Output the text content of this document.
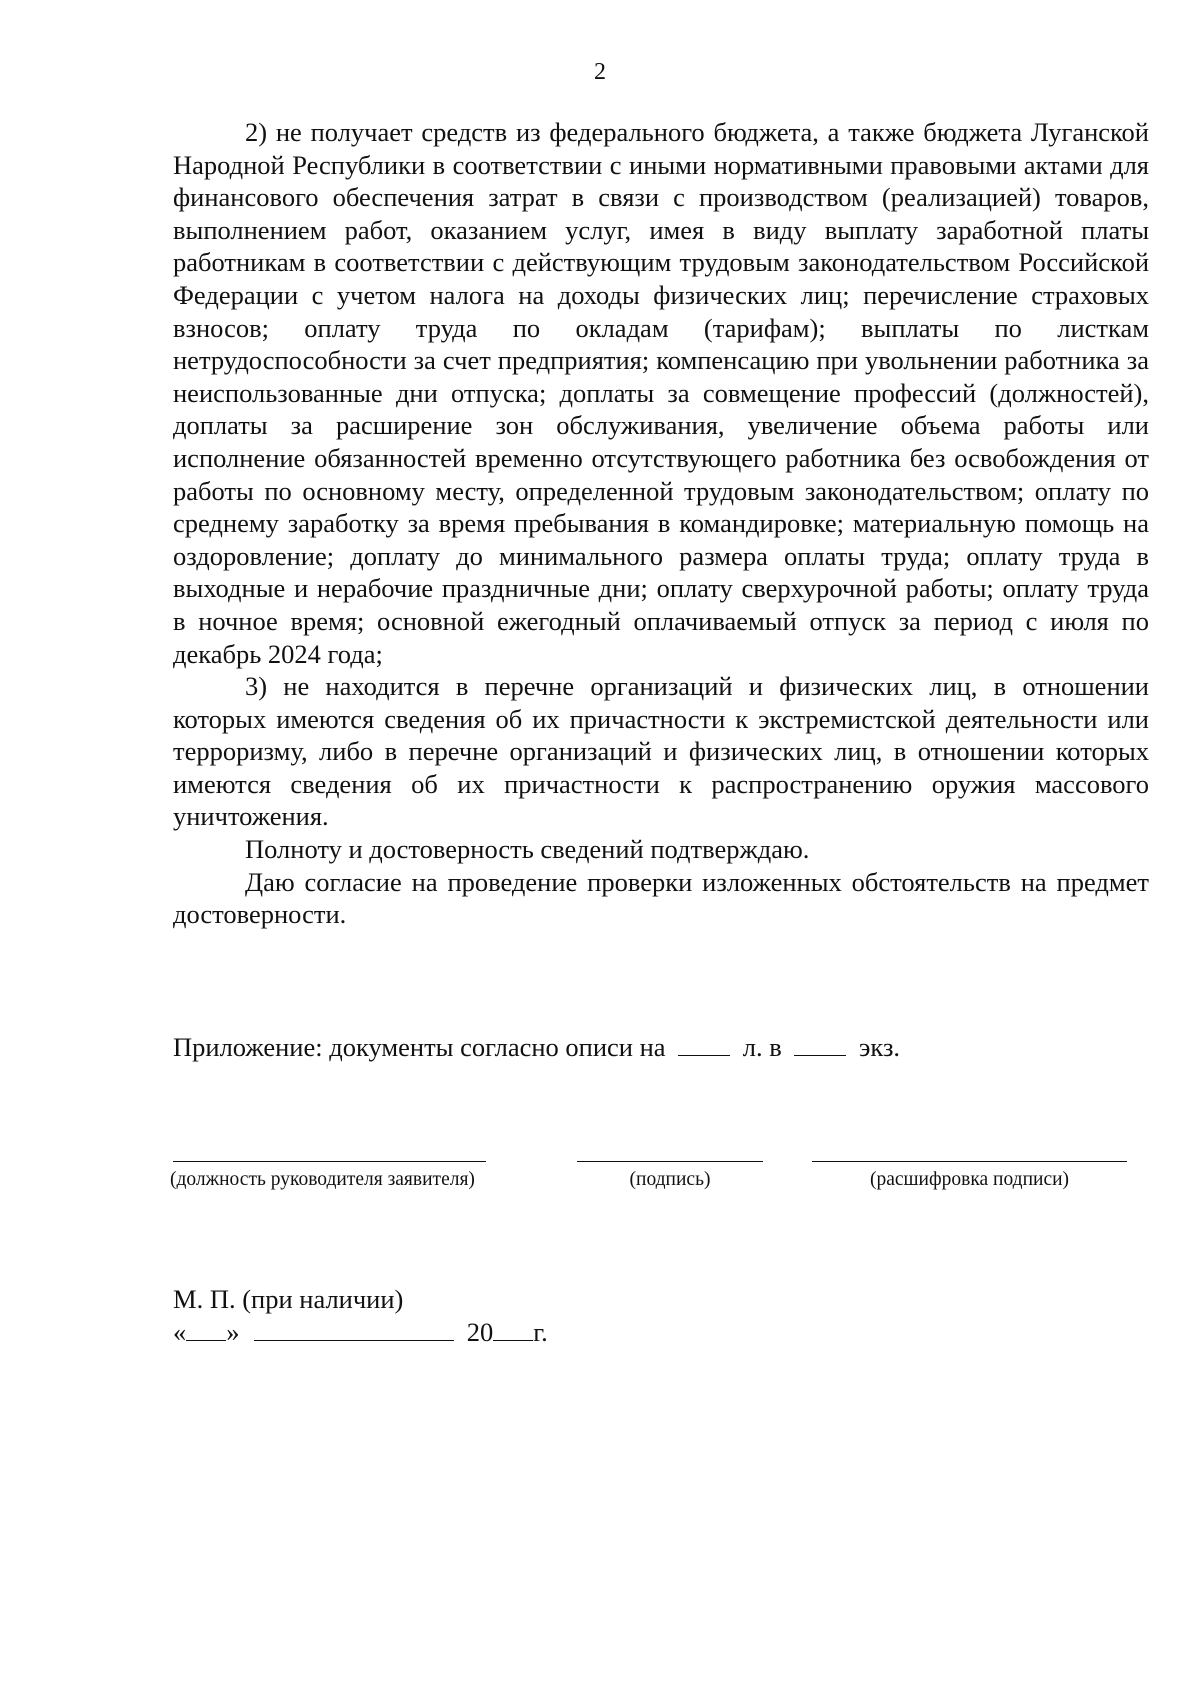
2

2) не получает средств из федерального бюджета, а также бюджета Луганской Народной Республики в соответствии с иными нормативными правовыми актами для финансового обеспечения затрат в связи с производством (реализацией) товаров, выполнением работ, оказанием услуг, имея в виду выплату заработной платы работникам в соответствии с действующим трудовым законодательством Российской Федерации с учетом налога на доходы физических лиц; перечисление страховых взносов; оплату труда по окладам (тарифам); выплаты по листкам нетрудоспособности за счет предприятия; компенсацию при увольнении работника за неиспользованные дни отпуска; доплаты за совмещение профессий (должностей), доплаты за расширение зон обслуживания, увеличение объема работы или исполнение обязанностей временно отсутствующего работника без освобождения от работы по основному месту, определенной трудовым законодательством; оплату по среднему заработку за время пребывания в командировке; материальную помощь на оздоровление; доплату до минимального размера оплаты труда; оплату труда в выходные и нерабочие праздничные дни; оплату сверхурочной работы; оплату труда в ночное время; основной ежегодный оплачиваемый отпуск за период с июля по декабрь 2024 года;

3) не находится в перечне организаций и физических лиц, в отношении которых имеются сведения об их причастности к экстремистской деятельности или терроризму, либо в перечне организаций и физических лиц, в отношении которых имеются сведения об их причастности к распространению оружия массового уничтожения.

Полноту и достоверность сведений подтверждаю.

Даю согласие на проведение проверки изложенных обстоятельств на предмет достоверности.

Приложение: документы согласно описи на	л. в	экз.
(должность руководителя заявителя)	(подпись)	(расшифровка подписи)
М. П. (при наличии)
« »	20 г.
